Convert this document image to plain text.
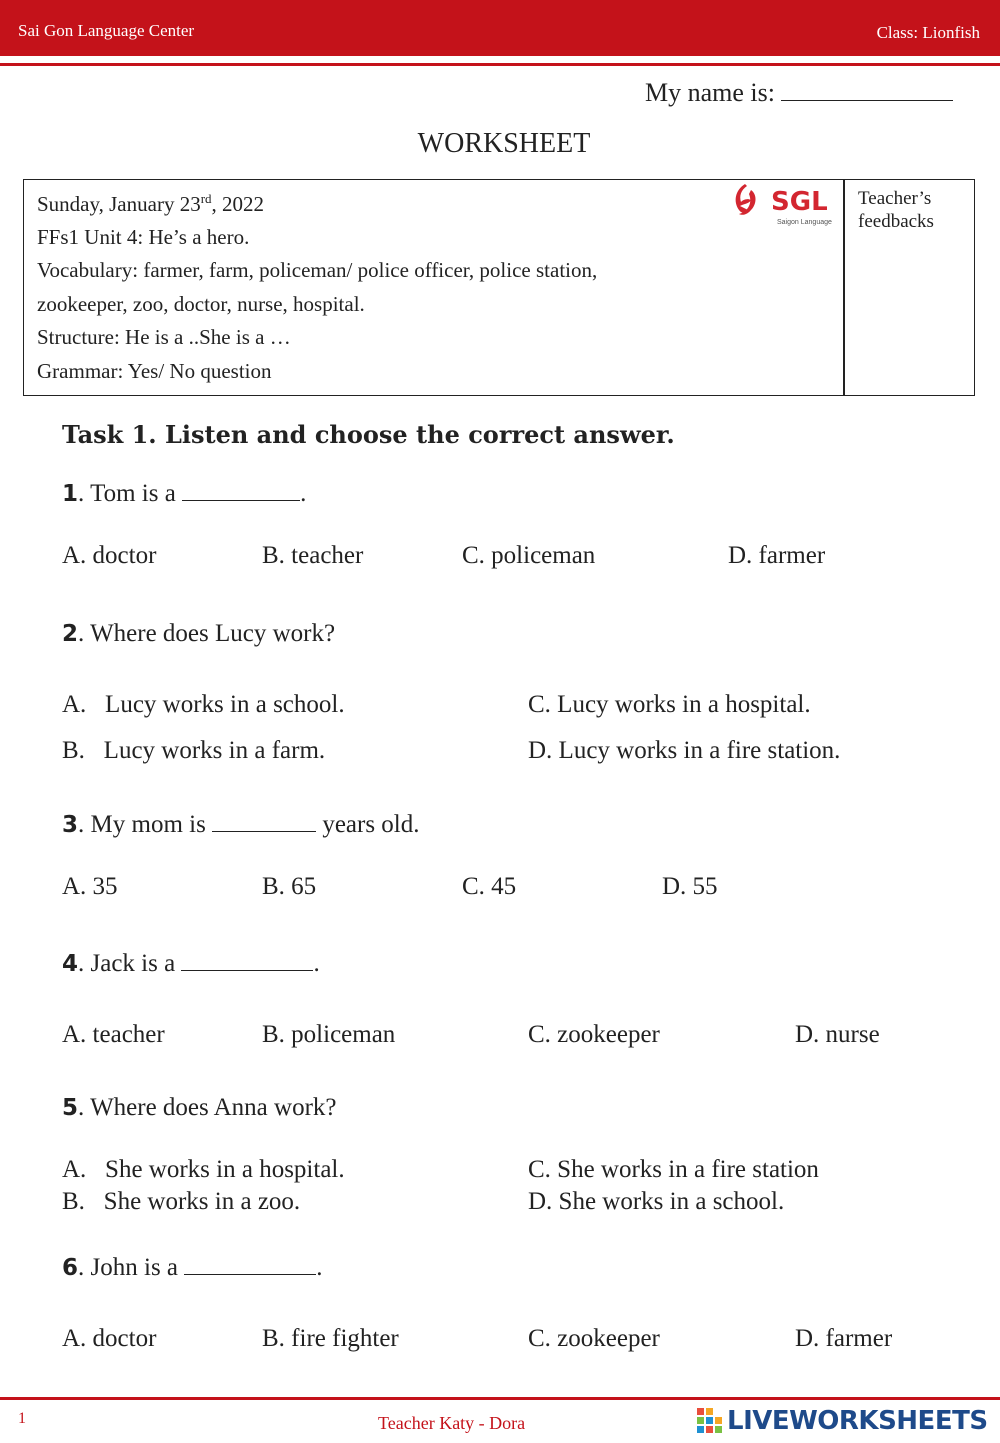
Sai Gon Language Center	Class: Lionfish
My name is:
WORKSHEET
Sunday, January 23rd, 2022
FFs1 Unit 4: He’s a hero.
Vocabulary: farmer, farm, policeman/ police officer, police station,
zookeeper, zoo, doctor, nurse, hospital.
Structure: He is a ..She is a …
Grammar: Yes/ No question
Teacher’s
feedbacks
SGL
Saigon Language
Task 1. Listen and choose the correct answer.
1. Tom is a	.
A. doctor	B. teacher	C. policeman	D. farmer
2. Where does Lucy work?
A.   Lucy works in a school.
B.   Lucy works in a farm.
C. Lucy works in a hospital.
D. Lucy works in a fire station.
3. My mom is	years old.
A. 35	B. 65	C. 45	D. 55
4. Jack is a	.
A. teacher	B. policeman	C. zookeeper	D. nurse
5. Where does Anna work?
A.   She works in a hospital.
B.   She works in a zoo.
C. She works in a fire station
D. She works in a school.
6. John is a	.
A. doctor	B. fire fighter	C. zookeeper	D. farmer
1	Teacher Katy - Dora	LIVEWORKSHEETS
